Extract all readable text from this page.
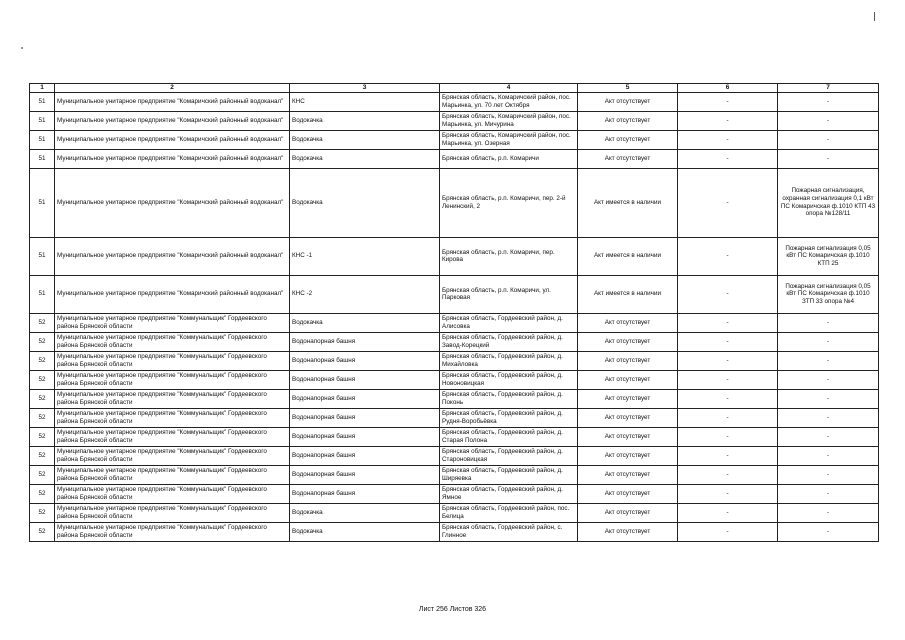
1	2	3	4	5	6	7
51	Муниципальное унитарное предприятие "Комаричский районный водоканал"	КНС	Брянская область, Комаричский район, пос. Марьинка, ул. 70 лет Октября	Акт отсутствует	-	-
51	Муниципальное унитарное предприятие "Комаричский районный водоканал"	Водокачка	Брянская область, Комаричский район, пос. Марьинка, ул. Мичурина	Акт отсутствует	-	-
51	Муниципальное унитарное предприятие "Комаричский районный водоканал"	Водокачка	Брянская область, Комаричский район, пос. Марьинка, ул. Озерная	Акт отсутствует	-	-
51	Муниципальное унитарное предприятие "Комаричский районный водоканал"	Водокачка	Брянская область, р.п. Комаричи	Акт отсутствует	-	-
51	Муниципальное унитарное предприятие "Комаричский районный водоканал"	Водокачка	Брянская область, р.п. Комаричи, пер. 2-й Ленинский, 2	Акт имеется в наличии	-	Пожарная сигнализация, охранная сигнализация 0,1 кВт ПС Комаричская ф.1010 КТП 43 опора №128/11
51	Муниципальное унитарное предприятие "Комаричский районный водоканал"	КНС -1	Брянская область, р.п. Комаричи, пер. Кирова	Акт имеется в наличии	-	Пожарная сигнализация 0,05 кВт ПС Комаричская ф.1010 КТП 25
51	Муниципальное унитарное предприятие "Комаричский районный водоканал"	КНС -2	Брянская область, р.п. Комаричи, ул. Парковая	Акт имеется в наличии	-	Пожарная сигнализация 0,05 кВт ПС Комаричская ф.1010 ЗТП 33 опора №4
52	Муниципальное унитарное предприятие "Коммунальщик" Гордеевского района Брянской области	Водокачка	Брянская область, Гордеевский район, д. Алисовка	Акт отсутствует	-	-
52	Муниципальное унитарное предприятие "Коммунальщик" Гордеевского района Брянской области	Водонапорная башня	Брянская область, Гордеевский район, д. Завод-Корецкий	Акт отсутствует	-	-
52	Муниципальное унитарное предприятие "Коммунальщик" Гордеевского района Брянской области	Водонапорная башня	Брянская область, Гордеевский район, д. Михайловка	Акт отсутствует	-	-
52	Муниципальное унитарное предприятие "Коммунальщик" Гордеевского района Брянской области	Водонапорная башня	Брянская область, Гордеевский район, д. Новоновицкая	Акт отсутствует	-	-
52	Муниципальное унитарное предприятие "Коммунальщик" Гордеевского района Брянской области	Водонапорная башня	Брянская область, Гордеевский район, д. Поконь	Акт отсутствует	-	-
52	Муниципальное унитарное предприятие "Коммунальщик" Гордеевского района Брянской области	Водонапорная башня	Брянская область, Гордеевский район, д. Рудня-Воробьёвка	Акт отсутствует	-	-
52	Муниципальное унитарное предприятие "Коммунальщик" Гордеевского района Брянской области	Водонапорная башня	Брянская область, Гордеевский район, д. Старая Полона	Акт отсутствует	-	-
52	Муниципальное унитарное предприятие "Коммунальщик" Гордеевского района Брянской области	Водонапорная башня	Брянская область, Гордеевский район, д. Староновицкая	Акт отсутствует	-	-
52	Муниципальное унитарное предприятие "Коммунальщик" Гордеевского района Брянской области	Водонапорная башня	Брянская область, Гордеевский район, д. Ширяевка	Акт отсутствует	-	-
52	Муниципальное унитарное предприятие "Коммунальщик" Гордеевского района Брянской области	Водонапорная башня	Брянская область, Гордеевский район, д. Ямное	Акт отсутствует	-	-
52	Муниципальное унитарное предприятие "Коммунальщик" Гордеевского района Брянской области	Водокачка	Брянская область, Гордеевский район, пос. Белица	Акт отсутствует	-	-
52	Муниципальное унитарное предприятие "Коммунальщик" Гордеевского района Брянской области	Водокачка	Брянская область, Гордеевский район, с. Глинное	Акт отсутствует	-	-
Лист 256 Листов 326
